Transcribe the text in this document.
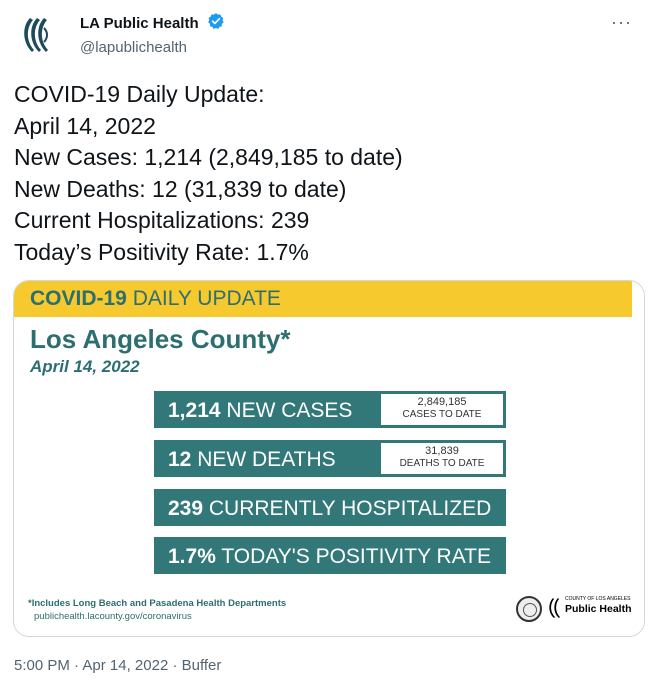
LA Public Health
@lapublichealth
···
COVID-19 Daily Update:
April 14, 2022
New Cases: 1,214 (2,849,185 to date)
New Deaths: 12 (31,839 to date)
Current Hospitalizations: 239
Today’s Positivity Rate: 1.7%
COVID-19 DAILY UPDATE
Los Angeles County*
April 14, 2022
1,214 NEW CASES	2,849,185
CASES TO DATE
12 NEW DEATHS	31,839
DEATHS TO DATE
239 CURRENTLY HOSPITALIZED
1.7% TODAY'S POSITIVITY RATE
*Includes Long Beach and Pasadena Health Departments
publichealth.lacounty.gov/coronavirus
COUNTY OF LOS ANGELES
Public Health
5:00 PM · Apr 14, 2022 · Buffer
